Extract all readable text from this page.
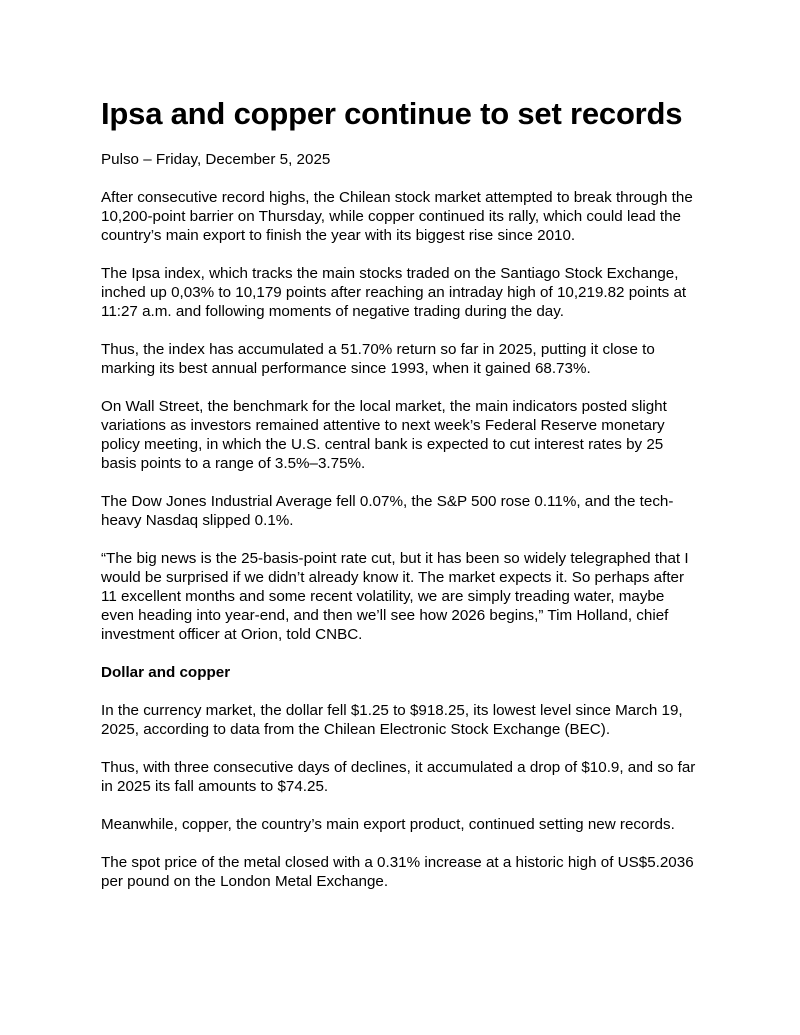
Ipsa and copper continue to set records

Pulso – Friday, December 5, 2025

After consecutive record highs, the Chilean stock market attempted to break through the 10,200-point barrier on Thursday, while copper continued its rally, which could lead the country’s main export to finish the year with its biggest rise since 2010.

The Ipsa index, which tracks the main stocks traded on the Santiago Stock Exchange, inched up 0,03% to 10,179 points after reaching an intraday high of 10,219.82 points at 11:27 a.m. and following moments of negative trading during the day.

Thus, the index has accumulated a 51.70% return so far in 2025, putting it close to marking its best annual performance since 1993, when it gained 68.73%.

On Wall Street, the benchmark for the local market, the main indicators posted slight variations as investors remained attentive to next week’s Federal Reserve monetary policy meeting, in which the U.S. central bank is expected to cut interest rates by 25 basis points to a range of 3.5%–3.75%.

The Dow Jones Industrial Average fell 0.07%, the S&P 500 rose 0.11%, and the tech-heavy Nasdaq slipped 0.1%.

“The big news is the 25-basis-point rate cut, but it has been so widely telegraphed that I would be surprised if we didn’t already know it. The market expects it. So perhaps after 11 excellent months and some recent volatility, we are simply treading water, maybe even heading into year-end, and then we’ll see how 2026 begins,” Tim Holland, chief investment officer at Orion, told CNBC.

Dollar and copper

In the currency market, the dollar fell $1.25 to $918.25, its lowest level since March 19, 2025, according to data from the Chilean Electronic Stock Exchange (BEC).

Thus, with three consecutive days of declines, it accumulated a drop of $10.9, and so far in 2025 its fall amounts to $74.25.

Meanwhile, copper, the country’s main export product, continued setting new records.

The spot price of the metal closed with a 0.31% increase at a historic high of US$5.2036 per pound on the London Metal Exchange.
